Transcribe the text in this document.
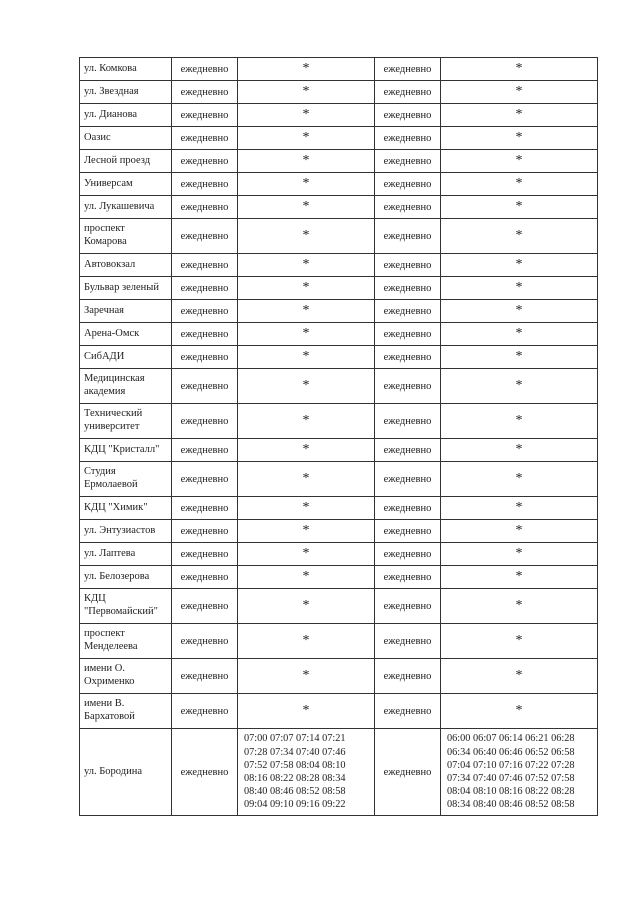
ул. Комкова	ежедневно	*	ежедневно	*
ул. Звездная	ежедневно	*	ежедневно	*
ул. Дианова	ежедневно	*	ежедневно	*
Оазис	ежедневно	*	ежедневно	*
Лесной проезд	ежедневно	*	ежедневно	*
Универсам	ежедневно	*	ежедневно	*
ул. Лукашевича	ежедневно	*	ежедневно	*
проспект Комарова	ежедневно	*	ежедневно	*
Автовокзал	ежедневно	*	ежедневно	*
Бульвар зеленый	ежедневно	*	ежедневно	*
Заречная	ежедневно	*	ежедневно	*
Арена-Омск	ежедневно	*	ежедневно	*
СибАДИ	ежедневно	*	ежедневно	*
Медицинская академия	ежедневно	*	ежедневно	*
Технический университет	ежедневно	*	ежедневно	*
КДЦ "Кристалл"	ежедневно	*	ежедневно	*
Студия Ермолаевой	ежедневно	*	ежедневно	*
КДЦ "Химик"	ежедневно	*	ежедневно	*
ул. Энтузиастов	ежедневно	*	ежедневно	*
ул. Лаптева	ежедневно	*	ежедневно	*
ул. Белозерова	ежедневно	*	ежедневно	*
КДЦ "Первомайский"	ежедневно	*	ежедневно	*
проспект Менделеева	ежедневно	*	ежедневно	*
имени О. Охрименко	ежедневно	*	ежедневно	*
имени В. Бархатовой	ежедневно	*	ежедневно	*
ул. Бородина	ежедневно	07:00 07:07 07:14 07:21 07:28 07:34 07:40 07:46 07:52 07:58 08:04 08:10 08:16 08:22 08:28 08:34 08:40 08:46 08:52 08:58 09:04 09:10 09:16 09:22	ежедневно	06:00 06:07 06:14 06:21 06:28 06:34 06:40 06:46 06:52 06:58 07:04 07:10 07:16 07:22 07:28 07:34 07:40 07:46 07:52 07:58 08:04 08:10 08:16 08:22 08:28 08:34 08:40 08:46 08:52 08:58
